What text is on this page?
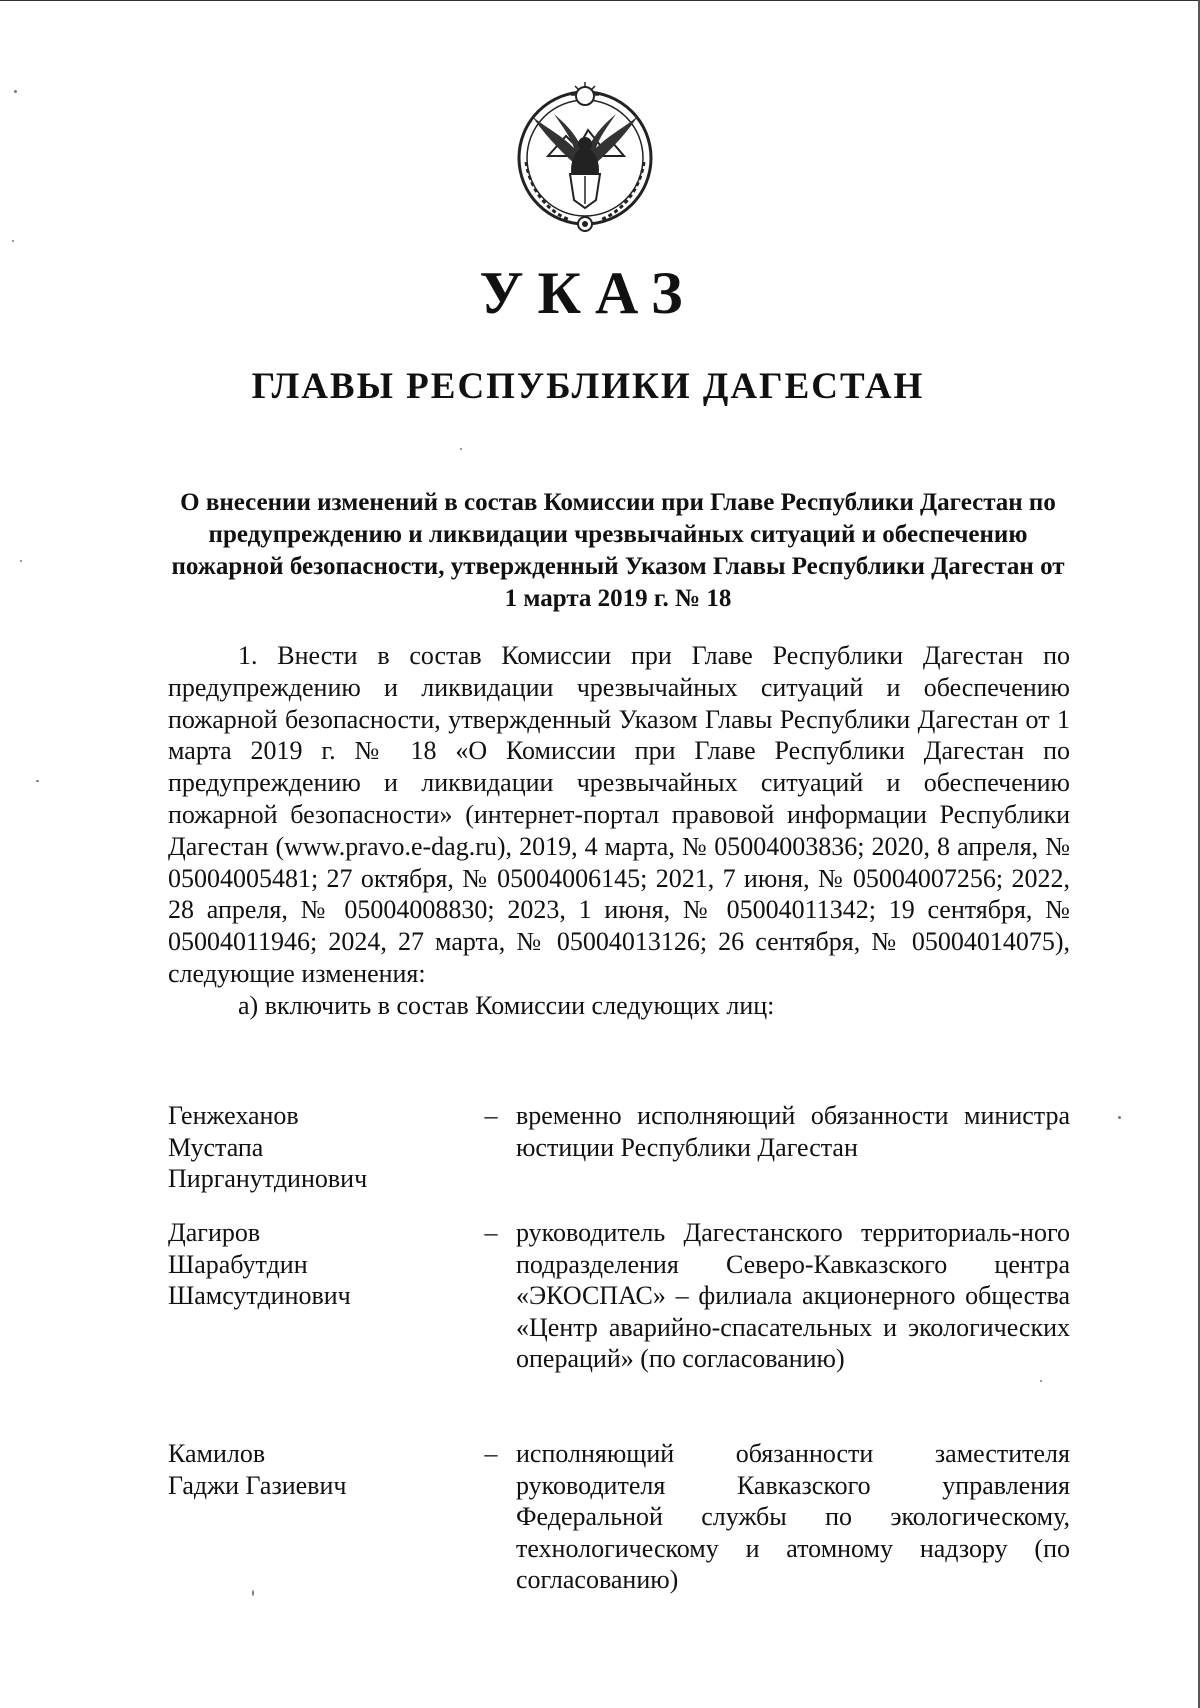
УКАЗ
ГЛАВЫ РЕСПУБЛИКИ ДАГЕСТАН
О внесении изменений в состав Комиссии при Главе Республики Дагестан по предупреждению и ликвидации чрезвычайных ситуаций и обеспечению пожарной безопасности, утвержденный Указом Главы Республики Дагестан от 1 марта 2019 г. № 18

1. Внести в состав Комиссии при Главе Республики Дагестан по предупреждению и ликвидации чрезвычайных ситуаций и обеспечению пожарной безопасности, утвержденный Указом Главы Республики Дагестан от 1 марта 2019 г. № 18 «О Комиссии при Главе Республики Дагестан по предупреждению и ликвидации чрезвычайных ситуаций и обеспечению пожарной безопасности» (интернет-портал правовой информации Республики Дагестан (www.pravo.e-dag.ru), 2019, 4 марта, № 05004003836; 2020, 8 апреля, № 05004005481; 27 октября, № 05004006145; 2021, 7 июня, № 05004007256; 2022, 28 апреля, № 05004008830; 2023, 1 июня, № 05004011342; 19 сентября, № 05004011946; 2024, 27 марта, № 05004013126; 26 сентября, № 05004014075), следующие изменения:

а) включить в состав Комиссии следующих лиц:

Генжеханов
Мустапа
Пирганутдинович
– временно исполняющий обязанности министра юстиции Республики Дагестан
Дагиров
Шарабутдин
Шамсутдинович
– руководитель Дагестанского территориаль-ного подразделения Северо-Кавказского центра «ЭКОСПАС» – филиала акционерного общества «Центр аварийно-спасательных и экологических операций» (по согласованию)
Камилов
Гаджи Газиевич
– исполняющий обязанности заместителя руководителя Кавказского управления Федеральной службы по экологическому, технологическому и атомному надзору (по согласованию)
